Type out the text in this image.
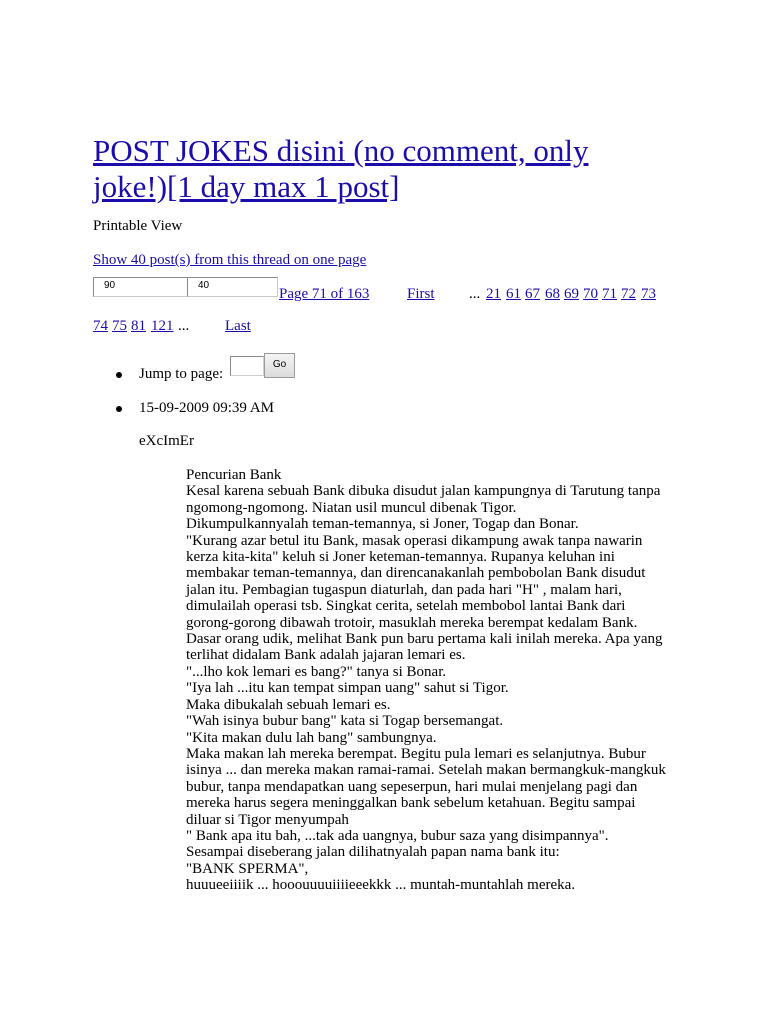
POST JOKES disini (no comment, only joke!)[1 day max 1 post]
Printable View
Show 40 post(s) from this thread on one page
90	40
Page 71 of 163	First ... 21 61 67 68 69 70 71 72 73
74 75 81 121 ... Last
Jump to page:
Go
15-09-2009 09:39 AM
eXcImEr

Pencurian Bank

Kesal karena sebuah Bank dibuka disudut jalan kampungnya di Tarutung tanpa ngomong-ngomong. Niatan usil muncul dibenak Tigor.

Dikumpulkannyalah teman-temannya, si Joner, Togap dan Bonar.

"Kurang azar betul itu Bank, masak operasi dikampung awak tanpa nawarin kerza kita-kita" keluh si Joner keteman-temannya. Rupanya keluhan ini membakar teman-temannya, dan direncanakanlah pembobolan Bank disudut jalan itu. Pembagian tugaspun diaturlah, dan pada hari "H" , malam hari, dimulailah operasi tsb. Singkat cerita, setelah membobol lantai Bank dari gorong-gorong dibawah trotoir, masuklah mereka berempat kedalam Bank. Dasar orang udik, melihat Bank pun baru pertama kali inilah mereka. Apa yang terlihat didalam Bank adalah jajaran lemari es.

"...lho kok lemari es bang?" tanya si Bonar.

"Iya lah ...itu kan tempat simpan uang" sahut si Tigor.

Maka dibukalah sebuah lemari es.

"Wah isinya bubur bang" kata si Togap bersemangat.

"Kita makan dulu lah bang" sambungnya.

Maka makan lah mereka berempat. Begitu pula lemari es selanjutnya. Bubur isinya ... dan mereka makan ramai-ramai. Setelah makan bermangkuk-mangkuk bubur, tanpa mendapatkan uang sepeserpun, hari mulai menjelang pagi dan mereka harus segera meninggalkan bank sebelum ketahuan. Begitu sampai diluar si Tigor menyumpah

" Bank apa itu bah, ...tak ada uangnya, bubur saza yang disimpannya".

Sesampai diseberang jalan dilihatnyalah papan nama bank itu:

"BANK SPERMA",

huuueeiiiik ... hooouuuuiiiieeekkk ... muntah-muntahlah mereka.
